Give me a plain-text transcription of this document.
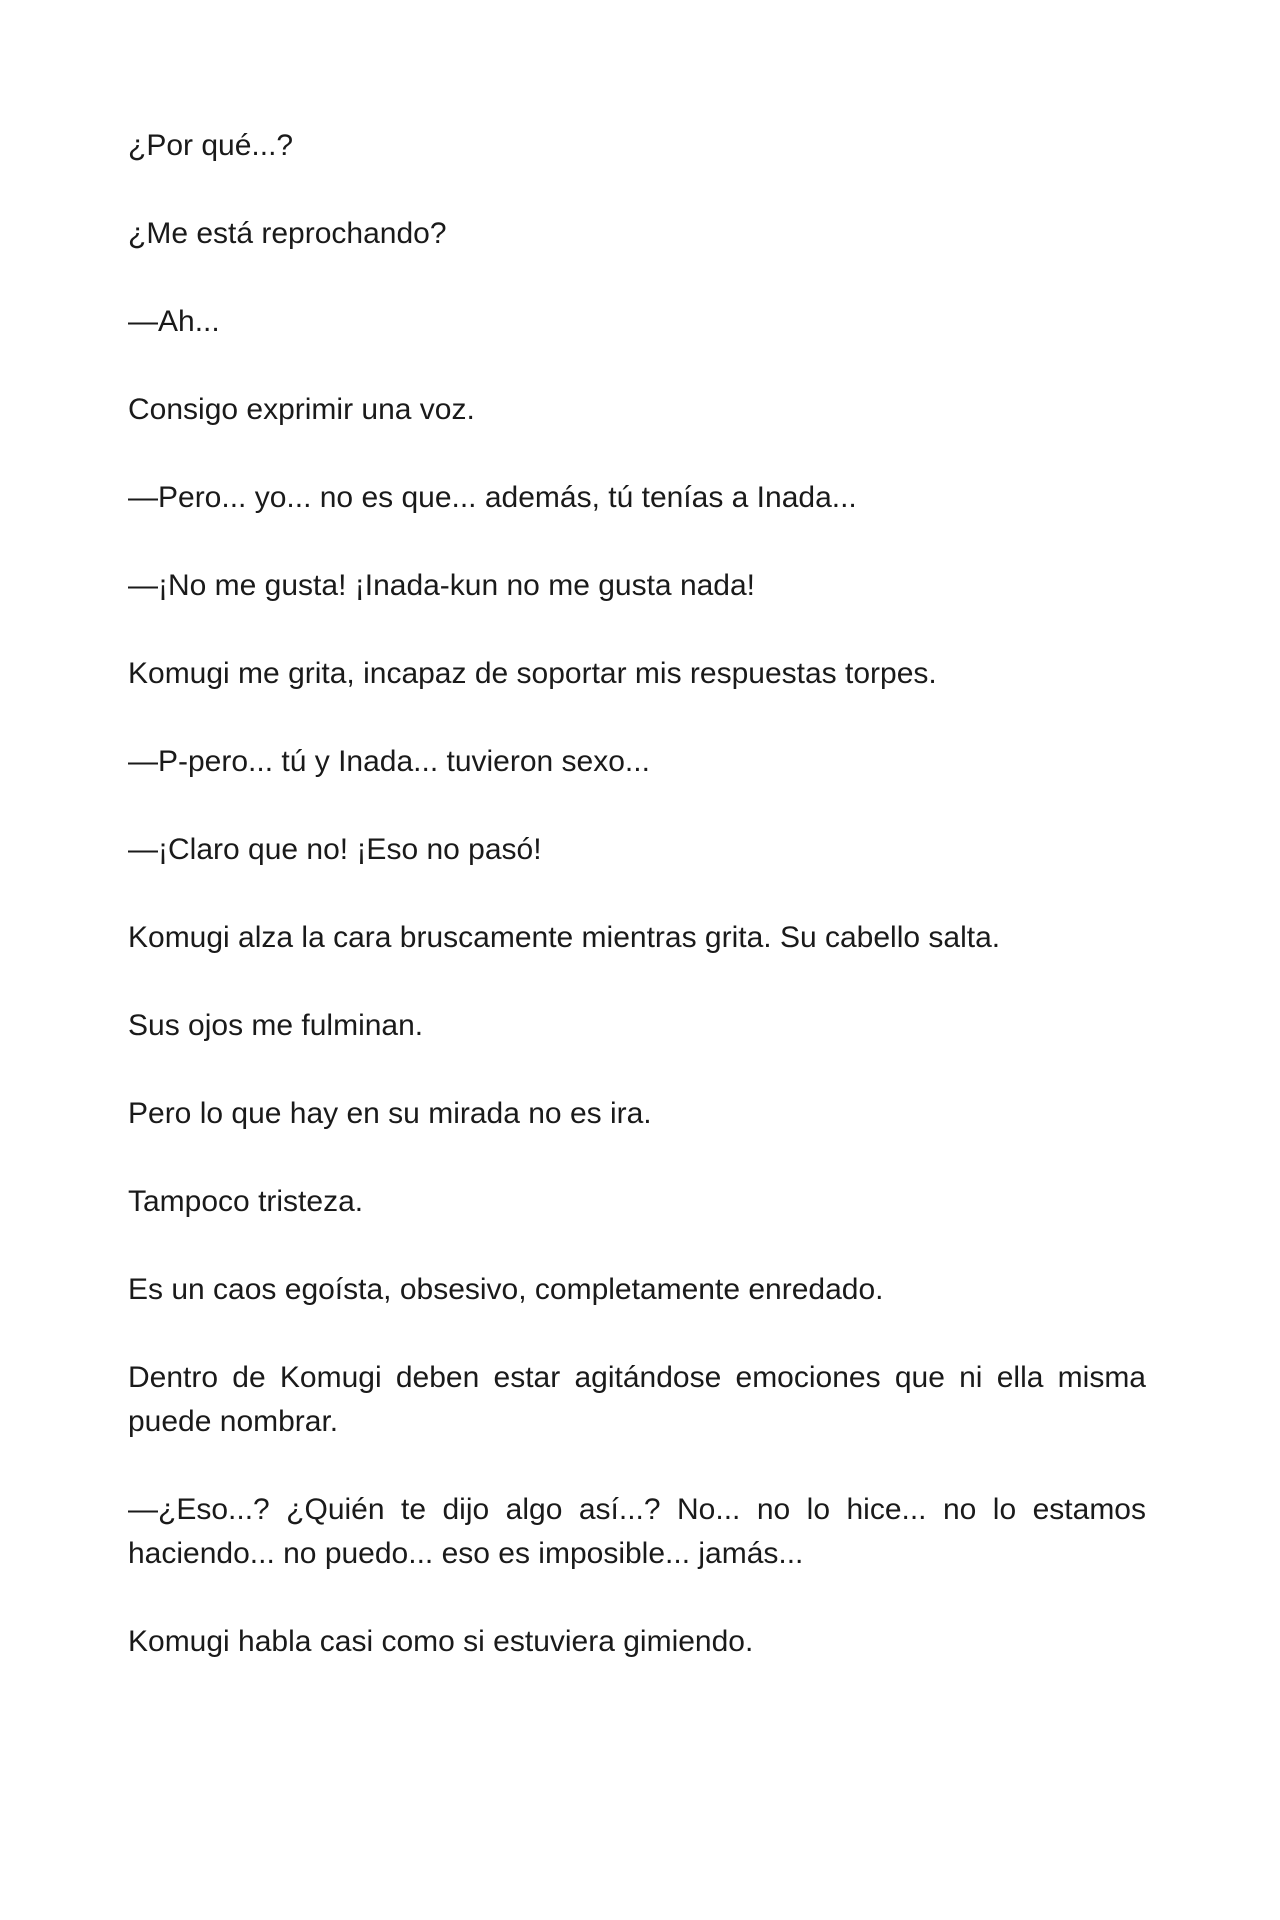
¿Por qué...?

¿Me está reprochando?

—Ah...

Consigo exprimir una voz.

—Pero... yo... no es que... además, tú tenías a Inada...

—¡No me gusta! ¡Inada-kun no me gusta nada!

Komugi me grita, incapaz de soportar mis respuestas torpes.

—P-pero... tú y Inada... tuvieron sexo...

—¡Claro que no! ¡Eso no pasó!

Komugi alza la cara bruscamente mientras grita. Su cabello salta.

Sus ojos me fulminan.

Pero lo que hay en su mirada no es ira.

Tampoco tristeza.

Es un caos egoísta, obsesivo, completamente enredado.

Dentro de Komugi deben estar agitándose emociones que ni ella misma puede nombrar.

—¿Eso...? ¿Quién te dijo algo así...? No... no lo hice... no lo estamos haciendo... no puedo... eso es imposible... jamás...

Komugi habla casi como si estuviera gimiendo.
